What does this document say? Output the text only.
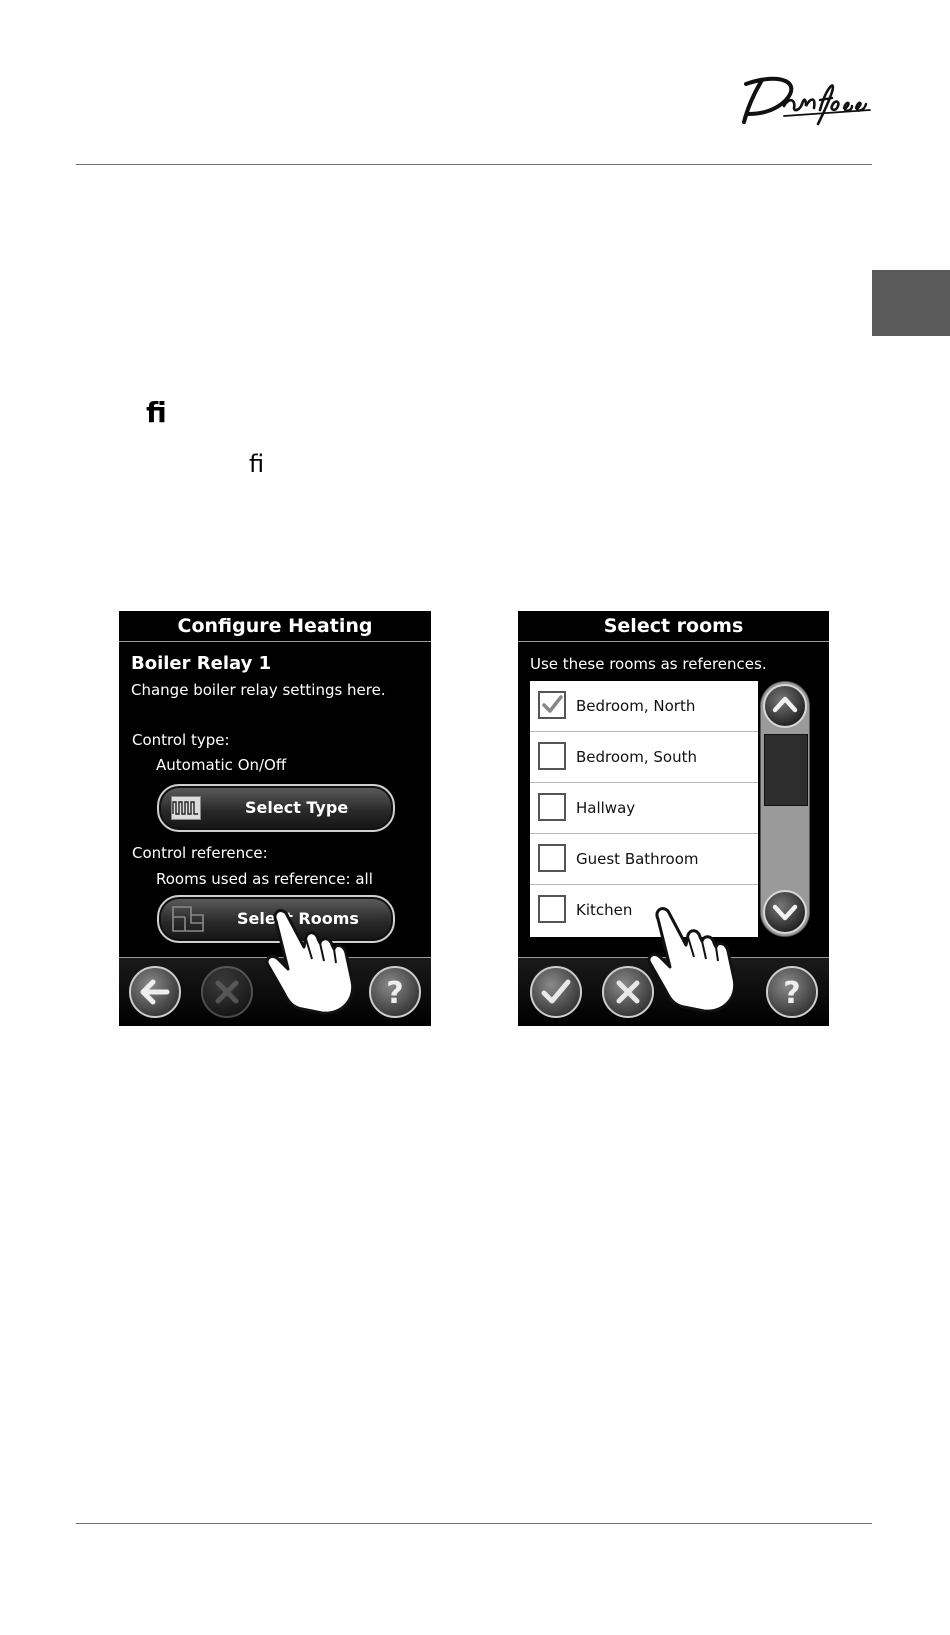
ﬁ
ﬁ
Configure Heating
Boiler Relay 1
Change boiler relay settings here.
Control type:
Automatic On/Off
Select Type
Control reference:
Rooms used as reference: all
Select Rooms
?
Select rooms
Use these rooms as references.
Bedroom, North
Bedroom, South
Hallway
Guest Bathroom
Kitchen
?
